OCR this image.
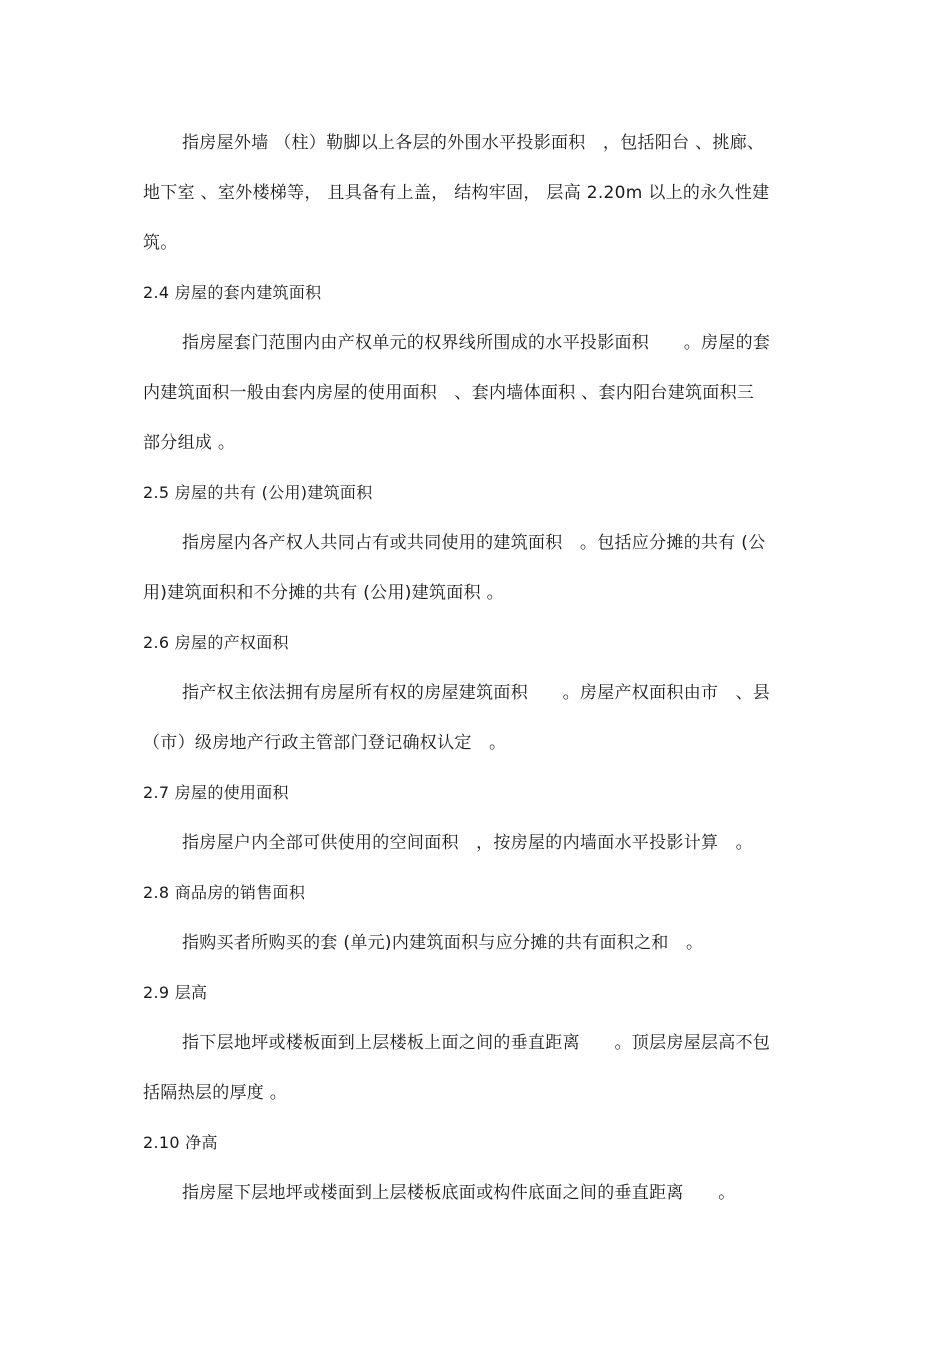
指房屋外墙 （柱）勒脚以上各层的外围水平投影面积　，包括阳台 、挑廊、
地下室 、室外楼梯等， 且具备有上盖， 结构牢固， 层高 2.20m 以上的永久性建
筑。
2.4 房屋的套内建筑面积
指房屋套门范围内由产权单元的权界线所围成的水平投影面积　　。房屋的套
内建筑面积一般由套内房屋的使用面积　、套内墙体面积 、套内阳台建筑面积三
部分组成 。
2.5 房屋的共有 (公用)建筑面积
指房屋内各产权人共同占有或共同使用的建筑面积　。包括应分摊的共有 (公
用)建筑面积和不分摊的共有 (公用)建筑面积 。
2.6 房屋的产权面积
指产权主依法拥有房屋所有权的房屋建筑面积　　。房屋产权面积由市　、县
（市）级房地产行政主管部门登记确权认定　。
2.7 房屋的使用面积
指房屋户内全部可供使用的空间面积　，按房屋的内墙面水平投影计算　。
2.8 商品房的销售面积
指购买者所购买的套 (单元)内建筑面积与应分摊的共有面积之和　。
2.9 层高
指下层地坪或楼板面到上层楼板上面之间的垂直距离　　。顶层房屋层高不包
括隔热层的厚度 。
2.10 净高
指房屋下层地坪或楼面到上层楼板底面或构件底面之间的垂直距离　　。
